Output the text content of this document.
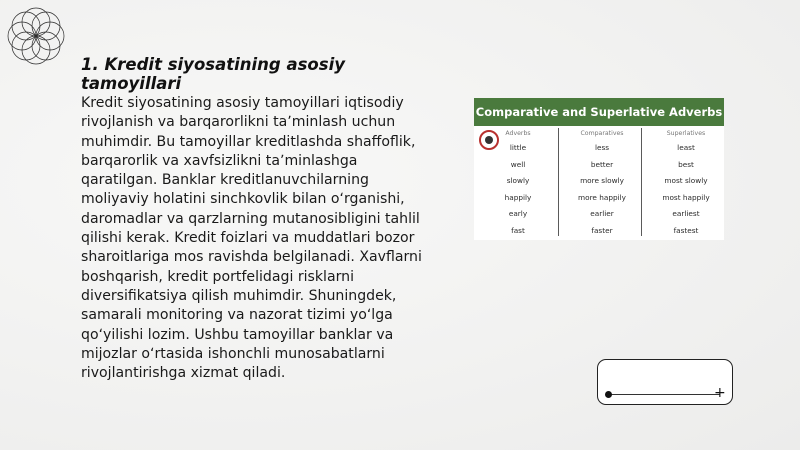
1. Kredit siyosatining asosiy tamoyillari
Kredit siyosatining asosiy tamoyillari iqtisodiy rivojlanish va barqarorlikni taʼminlash uchun muhimdir. Bu tamoyillar kreditlashda shaffoflik, barqarorlik va xavfsizlikni taʼminlashga qaratilgan. Banklar kreditlanuvchilarning moliyaviy holatini sinchkovlik bilan oʻrganishi, daromadlar va qarzlarning mutanosibligini tahlil qilishi kerak. Kredit foizlari va muddatlari bozor sharoitlariga mos ravishda belgilanadi. Xavflarni boshqarish, kredit portfelidagi risklarni diversifikatsiya qilish muhimdir. Shuningdek, samarali monitoring va nazorat tizimi yoʻlga qoʻyilishi lozim. Ushbu tamoyillar banklar va mijozlar oʻrtasida ishonchli munosabatlarni rivojlantirishga xizmat qiladi.
Comparative and Superlative Adverbs
Adverbs
little
well
slowly
happily
early
fast
Comparatives
less
better
more slowly
more happily
earlier
faster
Superlatives
least
best
most slowly
most happily
earliest
fastest
+
